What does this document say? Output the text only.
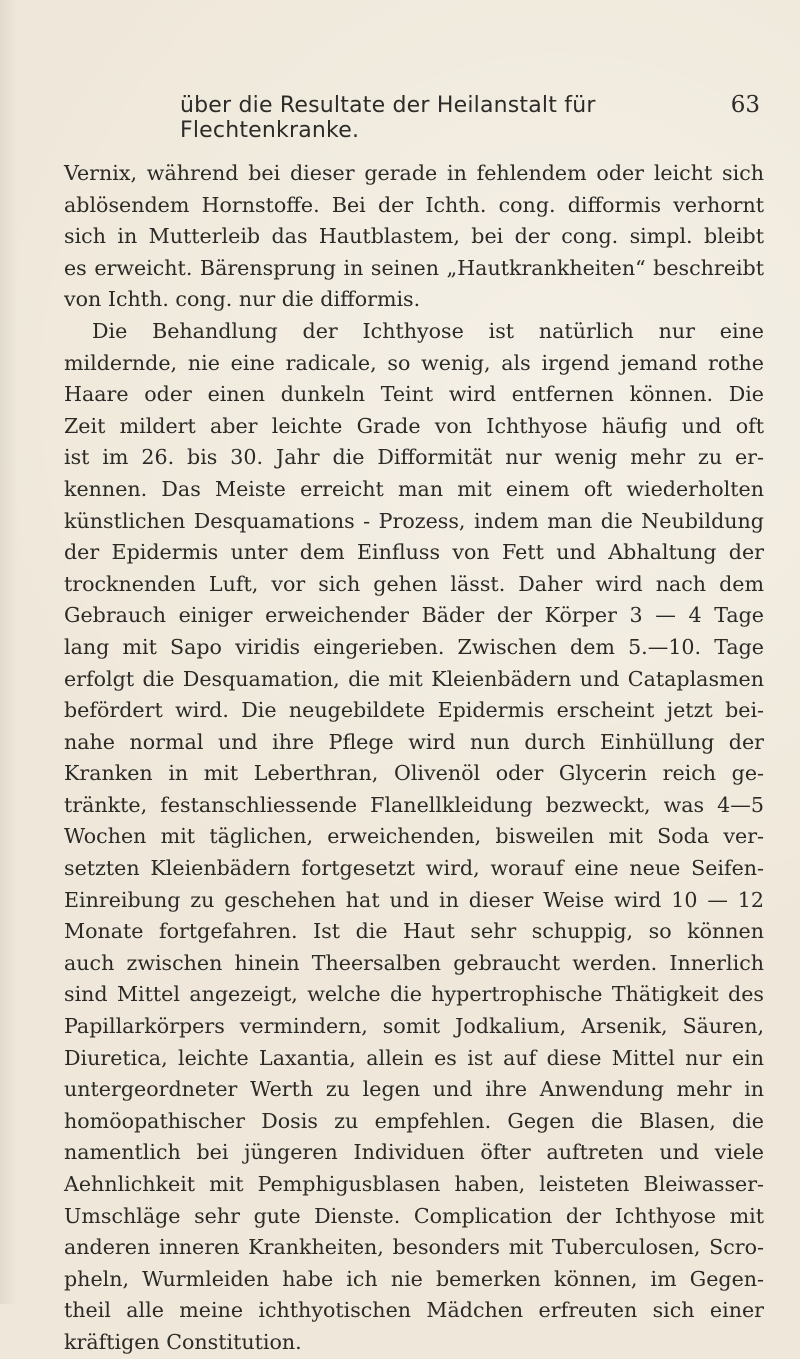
über die Resultate der Heilanstalt für Flechtenkranke.
63
Vernix, während bei dieser gerade in fehlendem oder leicht sich
ablösendem Hornstoffe. Bei der Ichth. cong. difformis verhornt
sich in Mutterleib das Hautblastem, bei der cong. simpl. bleibt
es erweicht. Bärensprung in seinen „Hautkrankheiten“ beschreibt
von Ichth. cong. nur die difformis.
Die Behandlung der Ichthyose ist natürlich nur eine
mildernde, nie eine radicale, so wenig, als irgend jemand rothe
Haare oder einen dunkeln Teint wird entfernen können. Die
Zeit mildert aber leichte Grade von Ichthyose häufig und oft
ist im 26. bis 30. Jahr die Difformität nur wenig mehr zu er-
kennen. Das Meiste erreicht man mit einem oft wiederholten
künstlichen Desquamations - Prozess, indem man die Neubildung
der Epidermis unter dem Einfluss von Fett und Abhaltung der
trocknenden Luft, vor sich gehen lässt. Daher wird nach dem
Gebrauch einiger erweichender Bäder der Körper 3 — 4 Tage
lang mit Sapo viridis eingerieben. Zwischen dem 5.—10. Tage
erfolgt die Desquamation, die mit Kleienbädern und Cataplasmen
befördert wird. Die neugebildete Epidermis erscheint jetzt bei-
nahe normal und ihre Pflege wird nun durch Einhüllung der
Kranken in mit Leberthran, Olivenöl oder Glycerin reich ge-
tränkte, festanschliessende Flanellkleidung bezweckt, was 4—5
Wochen mit täglichen, erweichenden, bisweilen mit Soda ver-
setzten Kleienbädern fortgesetzt wird, worauf eine neue Seifen-
Einreibung zu geschehen hat und in dieser Weise wird 10 — 12
Monate fortgefahren. Ist die Haut sehr schuppig, so können
auch zwischen hinein Theersalben gebraucht werden. Innerlich
sind Mittel angezeigt, welche die hypertrophische Thätigkeit des
Papillarkörpers vermindern, somit Jodkalium, Arsenik, Säuren,
Diuretica, leichte Laxantia, allein es ist auf diese Mittel nur ein
untergeordneter Werth zu legen und ihre Anwendung mehr in
homöopathischer Dosis zu empfehlen. Gegen die Blasen, die
namentlich bei jüngeren Individuen öfter auftreten und viele
Aehnlichkeit mit Pemphigusblasen haben, leisteten Bleiwasser-
Umschläge sehr gute Dienste. Complication der Ichthyose mit
anderen inneren Krankheiten, besonders mit Tuberculosen, Scro-
pheln, Wurmleiden habe ich nie bemerken können, im Gegen-
theil alle meine ichthyotischen Mädchen erfreuten sich einer
kräftigen Constitution.
